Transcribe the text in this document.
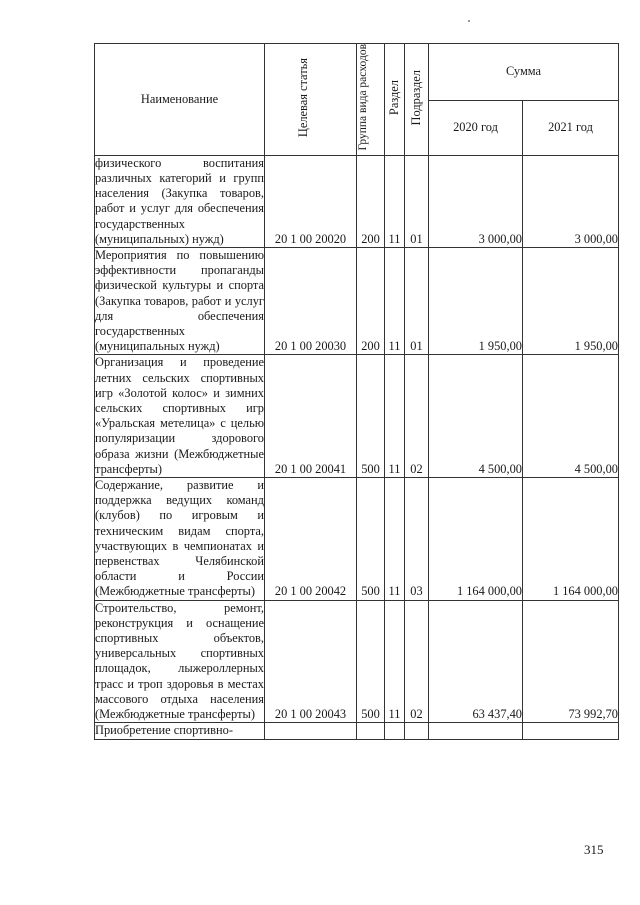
Наименование	Целевая статья	Группа вида расходов	Раздел	Подраздел	Сумма	
					2020 год	2021 год
физического воспитания различных категорий и групп населения (Закупка товаров, работ и услуг для обеспечения государственных (муниципальных) нужд)	20 1 00 20020	200	11	01	3 000,00	3 000,00
Мероприятия по повышению эффективности пропаганды физической культуры и спорта (Закупка товаров, работ и услуг для обеспечения государственных (муниципальных нужд)	20 1 00 20030	200	11	01	1 950,00	1 950,00
Организация и проведение летних сельских спортивных игр «Золотой колос» и зимних сельских спортивных игр «Уральская метелица» с целью популяризации здорового образа жизни (Межбюджетные трансферты)	20 1 00 20041	500	11	02	4 500,00	4 500,00
Содержание, развитие и поддержка ведущих команд (клубов) по игровым и техническим видам спорта, участвующих в чемпионатах и первенствах Челябинской области и России (Межбюджетные трансферты)	20 1 00 20042	500	11	03	1 164 000,00	1 164 000,00
Строительство, ремонт, реконструкция и оснащение спортивных объектов, универсальных спортивных площадок, лыжероллерных трасс и троп здоровья в местах массового отдыха населения (Межбюджетные трансферты)	20 1 00 20043	500	11	02	63 437,40	73 992,70
Приобретение спортивно-						
315
